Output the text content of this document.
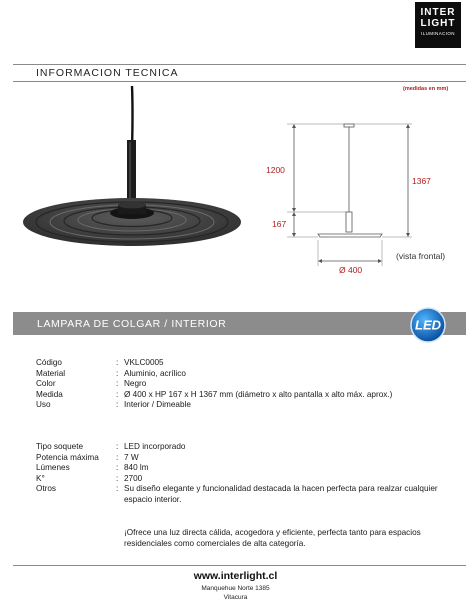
INTER
LIGHT
ILUMINACION
INFORMACION TECNICA
(medidas en mm)
1200
167
1367
Ø 400
(vista frontal)
LAMPARA DE COLGAR / INTERIOR	LED
Código	: VKLC0005
Material	: Aluminio, acrílico
Color	: Negro
Medida	: Ø 400 x HP 167 x H 1367 mm (diámetro x alto pantalla x alto máx. aprox.)
Uso	: Interior / Dimeable
Tipo soquete	: LED incorporado
Potencia máxima	: 7 W
Lúmenes	: 840 lm
K°	: 2700
Otros	: Su diseño elegante y funcionalidad destacada la hacen perfecta para realzar cualquier espacio interior.
¡Ofrece una luz directa cálida, acogedora y eficiente, perfecta tanto para espacios residenciales como comerciales de alta categoría.
www.interlight.cl
Manquehue Norte 1385
Vitacura
